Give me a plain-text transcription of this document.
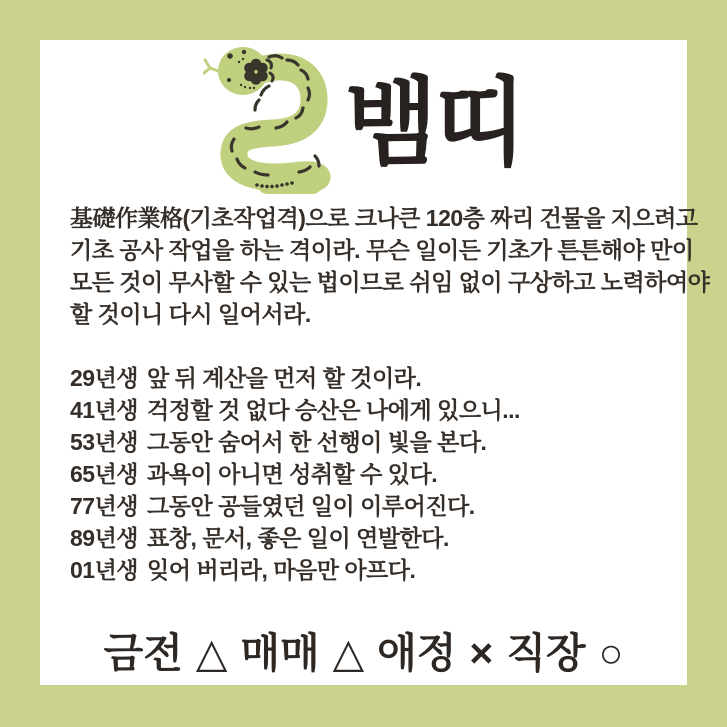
뱀띠
基礎作業格(기초작업격)으로 크나큰 120층 짜리 건물을 지으려고
기초 공사 작업을 하는 격이라. 무슨 일이든 기초가 튼튼해야 만이
모든 것이 무사할 수 있는 법이므로 쉬임 없이 구상하고 노력하여야
할 것이니 다시 일어서라.
29년생 앞 뒤 계산을 먼저 할 것이라.
41년생 걱정할 것 없다 승산은 나에게 있으니...
53년생 그동안 숨어서 한 선행이 빛을 본다.
65년생 과욕이 아니면 성취할 수 있다.
77년생 그동안 공들였던 일이 이루어진다.
89년생 표창, 문서, 좋은 일이 연발한다.
01년생 잊어 버리라, 마음만 아프다.
금전 △ 매매 △ 애정 × 직장 ○
